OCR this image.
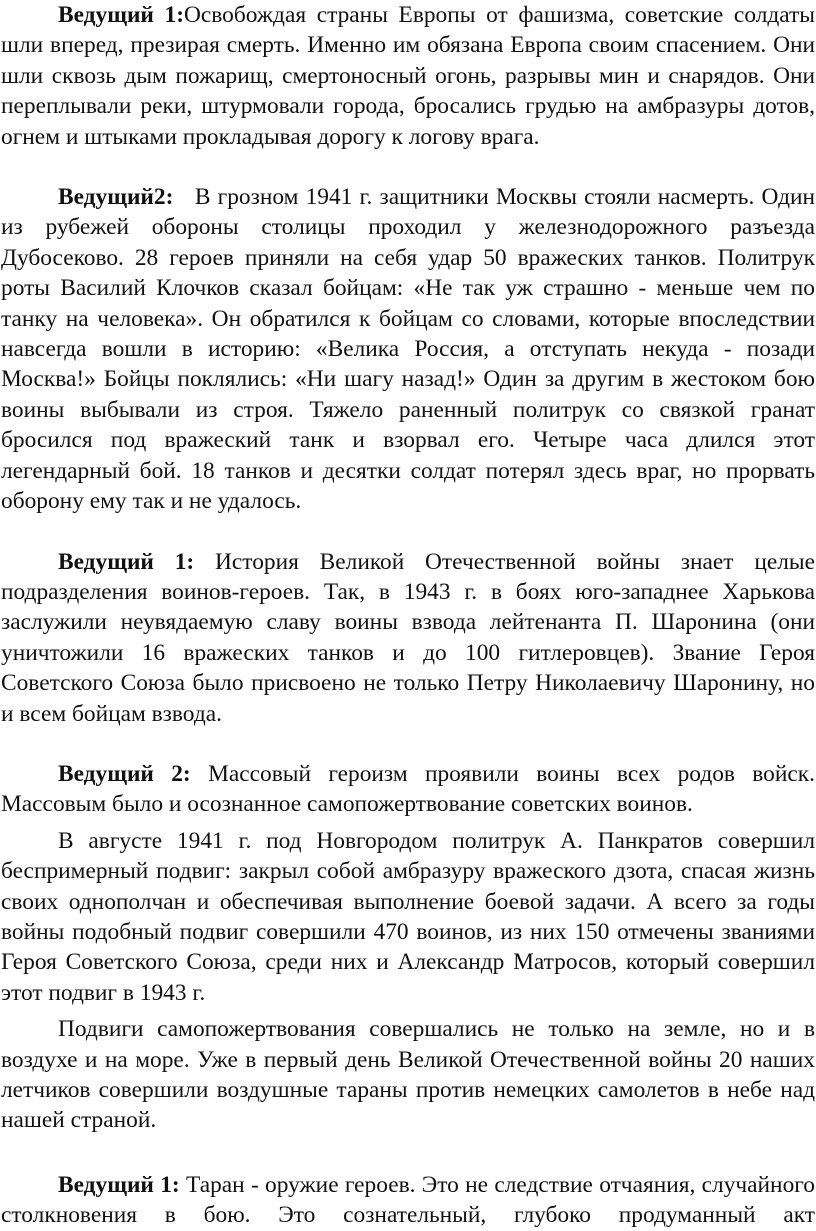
Ведущий 1:Освобождая страны Европы от фашизма, советские солдаты шли вперед, презирая смерть. Именно им обязана Европа своим спасением. Они шли сквозь дым пожарищ, смертоносный огонь, разрывы мин и снарядов. Они переплывали реки, штурмовали города, бросались грудью на амбразуры дотов, огнем и штыками прокладывая дорогу к логову врага.

Ведущий2: В грозном 1941 г. защитники Москвы стояли насмерть. Один из рубежей обороны столицы проходил у железнодорожного разъезда Дубосеково. 28 героев приняли на себя удар 50 вражеских танков. Политрук роты Василий Клочков сказал бойцам: «Не так уж страшно - меньше чем по танку на человека». Он обратился к бойцам со словами, которые впоследствии навсегда вошли в историю: «Велика Россия, а отступать некуда - позади Москва!» Бойцы поклялись: «Ни шагу назад!» Один за другим в жестоком бою воины выбывали из строя. Тяжело раненный политрук со связкой гранат бросился под вражеский танк и взорвал его. Четыре часа длился этот легендарный бой. 18 танков и десятки солдат потерял здесь враг, но прорвать оборону ему так и не удалось.

Ведущий 1: История Великой Отечественной войны знает целые подразделения воинов-героев. Так, в 1943 г. в боях юго-западнее Харькова заслужили неувядаемую славу воины взвода лейтенанта П. Шаронина (они уничтожили 16 вражеских танков и до 100 гитлеровцев). Звание Героя Советского Союза было присвоено не только Петру Николаевичу Шаронину, но и всем бойцам взвода.

Ведущий 2: Массовый героизм проявили воины всех родов войск. Массовым было и осознанное самопожертвование советских воинов.

В августе 1941 г. под Новгородом политрук А. Панкратов совершил беспримерный подвиг: закрыл собой амбразуру вражеского дзота, спасая жизнь своих однополчан и обеспечивая выполнение боевой задачи. А всего за годы войны подобный подвиг совершили 470 воинов, из них 150 отмечены званиями Героя Советского Союза, среди них и Александр Матросов, который совершил этот подвиг в 1943 г.

Подвиги самопожертвования совершались не только на земле, но и в воздухе и на море. Уже в первый день Великой Отечественной войны 20 наших летчиков совершили воздушные тараны против немецких самолетов в небе над нашей страной.

Ведущий 1: Таран - оружие героев. Это не следствие отчаяния, случайного столкновения в бою. Это сознательный, глубоко продуманный акт
